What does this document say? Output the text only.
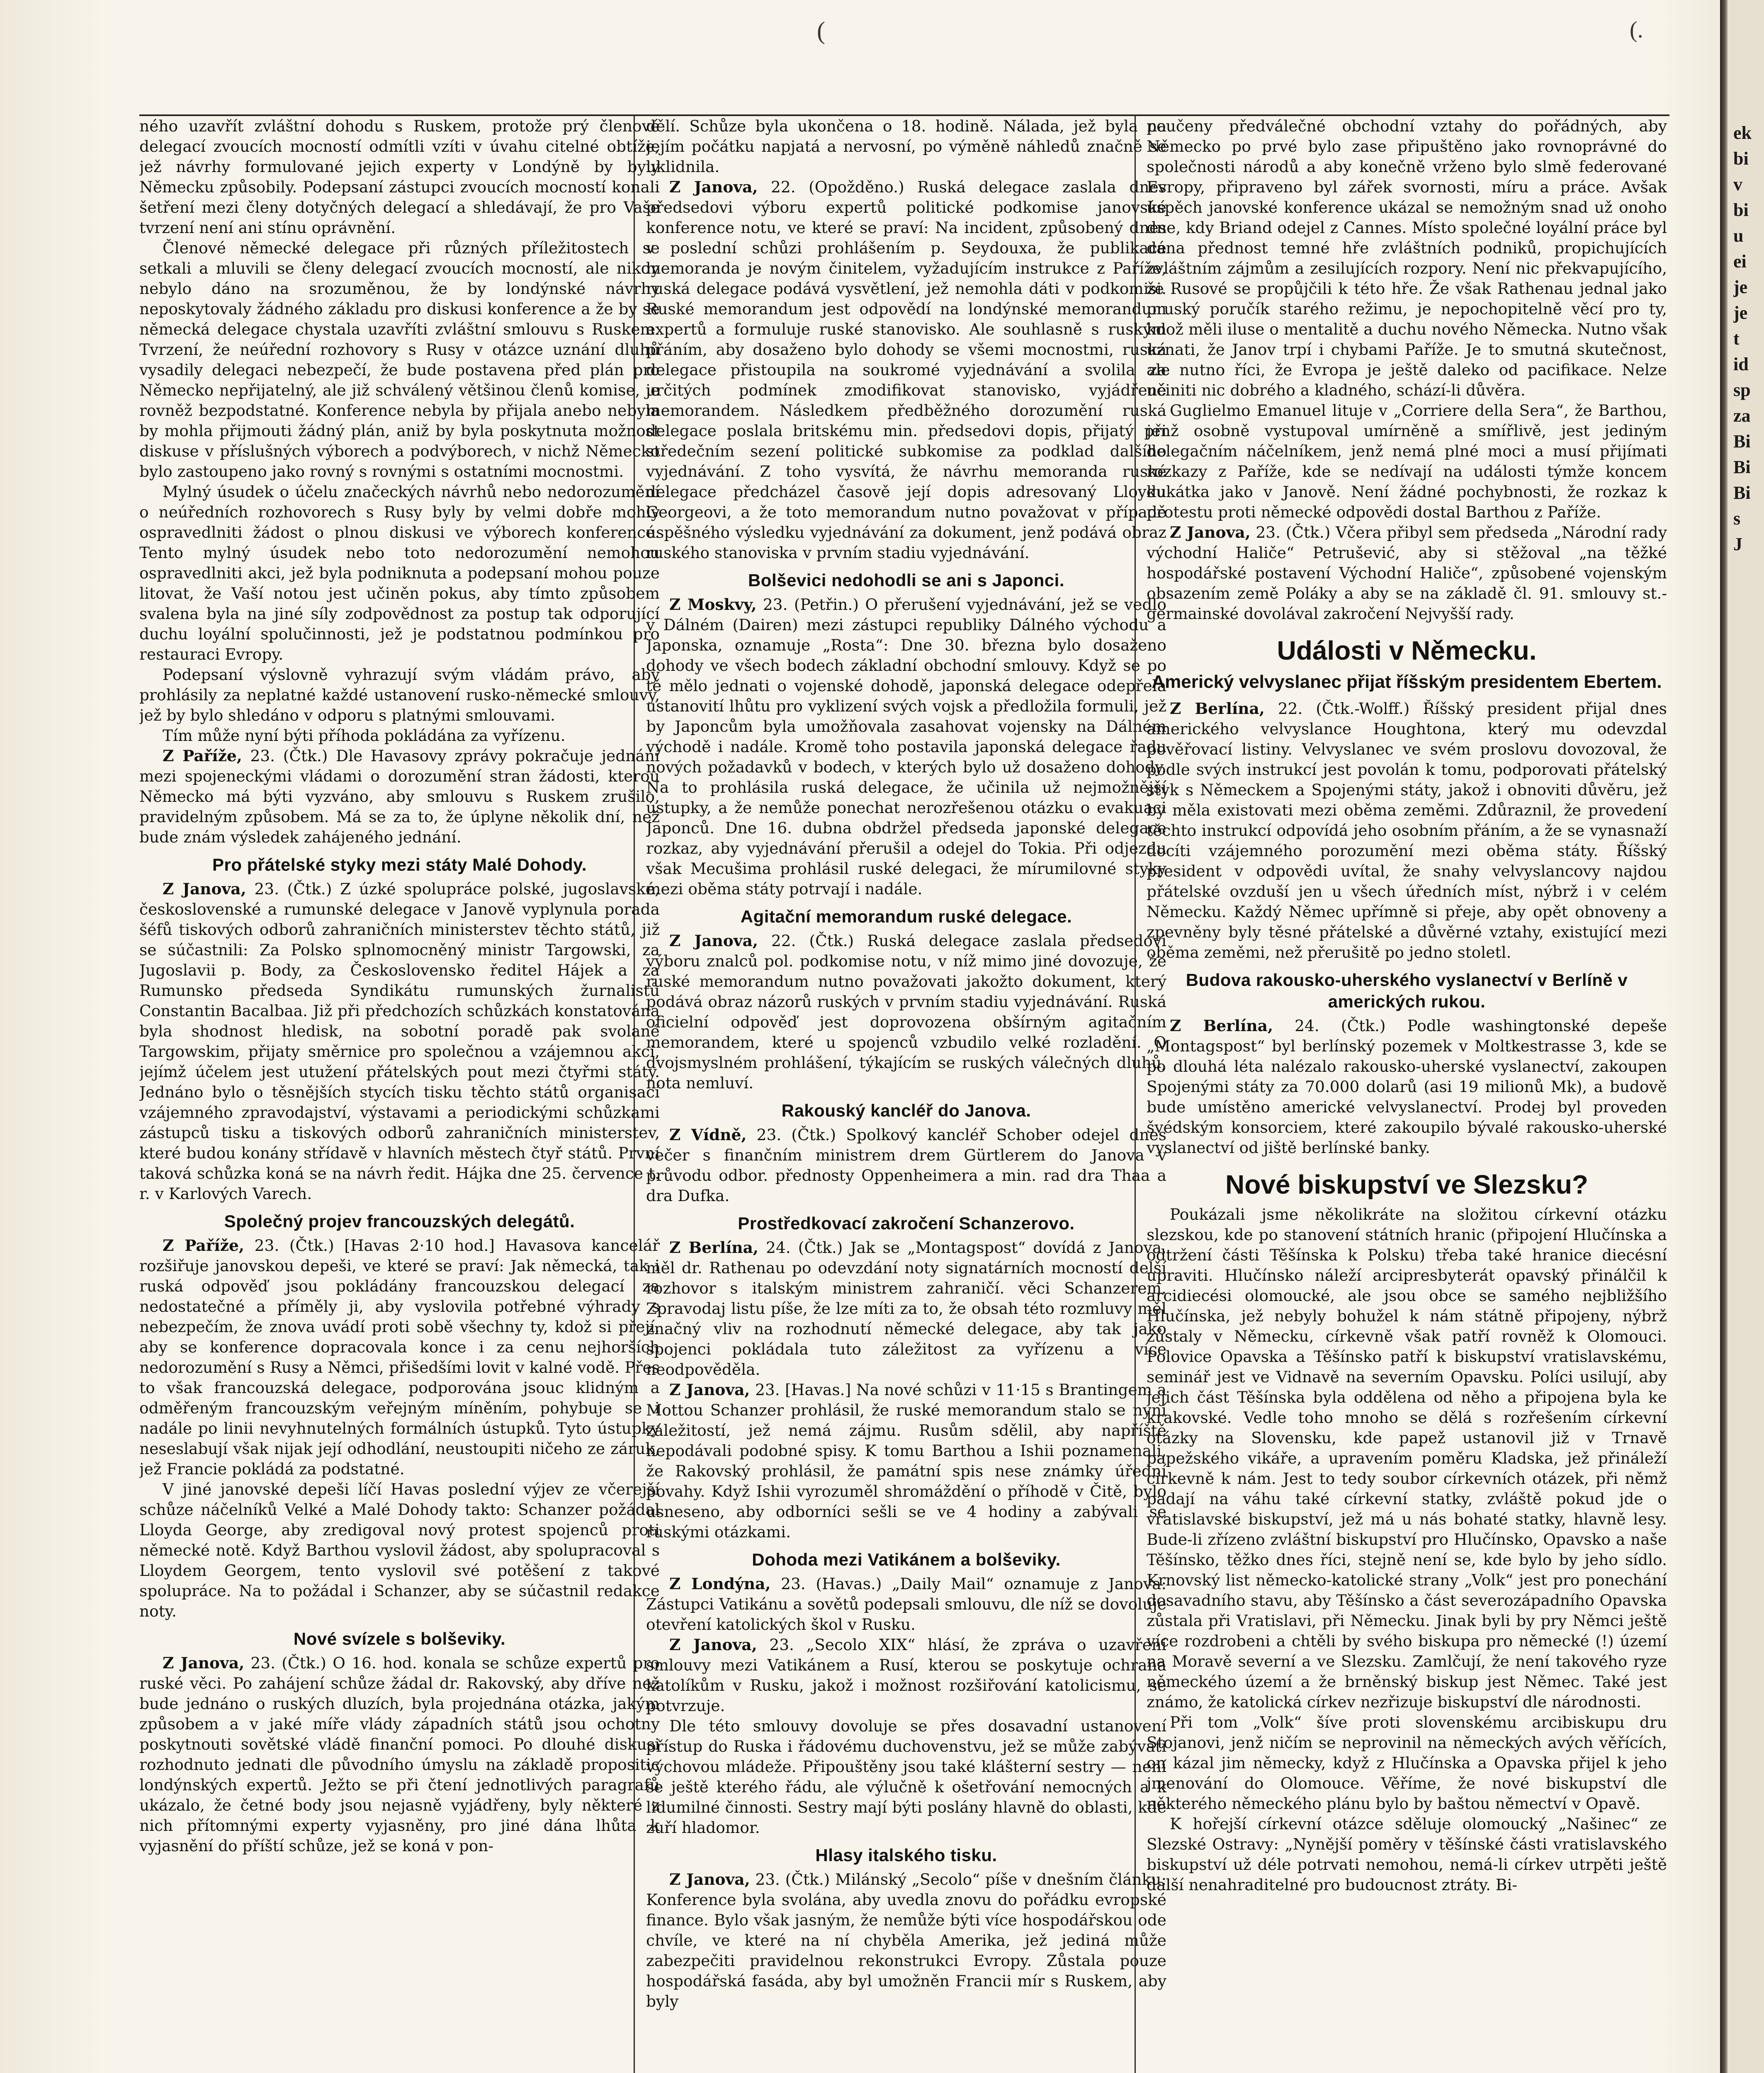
ek
bi
v
bi
u
ei
je
je
t
id
sp
za
Bi
Bi
Bi
s
J
(	(.

ného uzavřít zvláštní dohodu s Ruskem, protože prý členové delegací zvoucích mocností odmítli vzíti v úvahu citelné obtíže, jež návrhy formulované jejich experty v Londýně by byly Německu způsobily. Podepsaní zástupci zvoucích mocností konali šetření mezi členy dotyčných delegací a shledávají, že pro Vaše tvrzení není ani stínu oprávnění.

Členové německé delegace při různých příležitostech se setkali a mluvili se členy delegací zvoucích mocností, ale nikdy nebylo dáno na srozuměnou, že by londýnské návrhy neposkytovaly žádného základu pro diskusi konference a že by se německá delegace chystala uzavříti zvláštní smlouvu s Ruskem. Tvrzení, že neúřední rozhovory s Rusy v otázce uznání dluhů vysadily delegaci nebezpečí, že bude postavena před plán pro Německo nepřijatelný, ale již schválený většinou členů komise, je rovněž bezpodstatné. Konference nebyla by přijala anebo nebyla by mohla přijmouti žádný plán, aniž by byla poskytnuta možnost diskuse v příslušných výborech a podvýborech, v nichž Německo bylo zastoupeno jako rovný s rovnými s ostatními mocnostmi.

Mylný úsudek o účelu značeckých návrhů nebo nedorozumění o neúředních rozhovorech s Rusy byly by velmi dobře mohly ospravedlniti žádost o plnou diskusi ve výborech konference. Tento mylný úsudek nebo toto nedorozumění nemohou ospravedlniti akci, jež byla podniknuta a podepsaní mohou pouze litovat, že Vaší notou jest učiněn pokus, aby tímto způsobem svalena byla na jiné síly zodpovědnost za postup tak odporující duchu loyální spolučinnosti, jež je podstatnou podmínkou pro restauraci Evropy.

Podepsaní výslovně vyhrazují svým vládám právo, aby prohlásily za neplatné každé ustanovení rusko-německé smlouvy, jež by bylo shledáno v odporu s platnými smlouvami.

Tím může nyní býti příhoda pokládána za vyřízenu.

Z Paříže, 23. (Čtk.) Dle Havasovy zprávy pokračuje jednání mezi spojeneckými vládami o dorozumění stran žádosti, kterou Německo má býti vyzváno, aby smlouvu s Ruskem zrušilo, pravidelným způsobem. Má se za to, že úplyne několik dní, než bude znám výsledek zahájeného jednání.

Pro přátelské styky mezi státy Malé Dohody.

Z Janova, 23. (Čtk.) Z úzké spolupráce polské, jugoslavské, československé a rumunské delegace v Janově vyplynula porada šéfů tiskových odborů zahraničních ministerstev těchto států, již se súčastnili: Za Polsko splnomocněný ministr Targowski, za Jugoslavii p. Body, za Československo ředitel Hájek a za Rumunsko předseda Syndikátu rumunských žurnalistů Constantin Bacalbaa. Již při předchozích schůzkách konstatována byla shodnost hledisk, na sobotní poradě pak svolané Targowskim, přijaty směrnice pro společnou a vzájemnou akci, jejímž účelem jest utužení přátelských pout mezi čtyřmi státy. Jednáno bylo o těsnějších stycích tisku těchto států organisací vzájemného zpravodajství, výstavami a periodickými schůzkami zástupců tisku a tiskových odborů zahraničních ministerstev, které budou konány střídavě v hlavních městech čtyř států. První taková schůzka koná se na návrh ředit. Hájka dne 25. července t. r. v Karlových Varech.

Společný projev francouzských delegátů.

Z Paříže, 23. (Čtk.) [Havas 2·10 hod.] Havasova kancelář rozšiřuje janovskou depeši, ve které se praví: Jak německá, tak i ruská odpověď jsou pokládány francouzskou delegací za nedostatečné a příměly ji, aby vyslovila potřebné výhrady s nebezpečím, že znova uvádí proti sobě všechny ty, kdož si přejí, aby se konference dopracovala konce i za cenu nejhorších nedorozumění s Rusy a Němci, přišedšími lovit v kalné vodě. Přes to však francouzská delegace, podporována jsouc klidným a odměřeným francouzským veřejným míněním, pohybuje se i nadále po linii nevyhnutelných formálních ústupků. Tyto ústupky neseslabují však nijak její odhodlání, neustoupiti ničeho ze záruk, jež Francie pokládá za podstatné.

V jiné janovské depeši líčí Havas poslední výjev ze včerejší schůze náčelníků Velké a Malé Dohody takto: Schanzer požádal Lloyda George, aby zredigoval nový protest spojenců proti německé notě. Když Barthou vyslovil žádost, aby spolupracoval s Lloydem Georgem, tento vyslovil své potěšení z takové spolupráce. Na to požádal i Schanzer, aby se súčastnil redakce noty.

Nové svízele s bolševiky.

Z Janova, 23. (Čtk.) O 16. hod. konala se schůze expertů pro ruské věci. Po zahájení schůze žádal dr. Rakovský, aby dříve než bude jednáno o ruských dluzích, byla projednána otázka, jakým způsobem a v jaké míře vlády západních států jsou ochotny poskytnouti sovětské vládě finanční pomoci. Po dlouhé diskusi rozhodnuto jednati dle původního úmyslu na základě propositic londýnských expertů. Ježto se při čtení jednotlivých paragrafů ukázalo, že četné body jsou nejasně vyjádřeny, byly některé z nich přítomnými experty vyjasněny, pro jiné dána lhůta k vyjasnění do příští schůze, jež se koná v pon-

dělí. Schůze byla ukončena o 18. hodině. Nálada, jež byla na jejím počátku napjatá a nervosní, po výměně náhledů značně se uklidnila.

Z Janova, 22. (Opožděno.) Ruská delegace zaslala dnes předsedovi výboru expertů politické podkomise janovské konference notu, ve které se praví: Na incident, způsobený dnes v poslední schůzi prohlášením p. Seydouxa, že publikace memoranda je novým činitelem, vyžadujícím instrukce z Paříže, ruská delegace podává vysvětlení, jež nemohla dáti v podkomisi. Ruské memorandum jest odpovědí na londýnské memorandum expertů a formuluje ruské stanovisko. Ale souhlasně s ruským přáním, aby dosaženo bylo dohody se všemi mocnostmi, ruská delegace přistoupila na soukromé vyjednávání a svolila za určitých podmínek zmodifikovat stanovisko, vyjádřené memorandem. Následkem předběžného dorozumění ruská delegace poslala britskému min. předsedovi dopis, přijatý při středečním sezení politické subkomise za podklad dalšího vyjednávání. Z toho vysvítá, že návrhu memoranda ruské delegace předcházel časově její dopis adresovaný Lloydu Georgeovi, a že toto memorandum nutno považovat v případě úspěšného výsledku vyjednávání za dokument, jenž podává obraz ruského stanoviska v prvním stadiu vyjednávání.

Bolševici nedohodli se ani s Japonci.

Z Moskvy, 23. (Petřin.) O přerušení vyjednávání, jež se vedlo v Dálném (Dairen) mezi zástupci republiky Dálného východu a Japonska, oznamuje „Rosta“: Dne 30. března bylo dosaženo dohody ve všech bodech základní obchodní smlouvy. Když se po tě mělo jednati o vojenské dohodě, japonská delegace odepřela ustanovití lhůtu pro vyklizení svých vojsk a předložila formuli, jež by Japoncům byla umožňovala zasahovat vojensky na Dálném východě i nadále. Kromě toho postavila japonská delegace řadu nových požadavků v bodech, v kterých bylo už dosaženo dohody. Na to prohlásila ruská delegace, že učinila už nejmožnější ústupky, a že nemůže ponechat nerozřešenou otázku o evakuaci Japonců. Dne 16. dubna obdržel předseda japonské delegace rozkaz, aby vyjednávání přerušil a odejel do Tokia. Při odjezdu však Mecušima prohlásil ruské delegaci, že mírumilovné styky mezi oběma státy potrvají i nadále.

Agitační memorandum ruské delegace.

Z Janova, 22. (Čtk.) Ruská delegace zaslala předsedovi výboru znalců pol. podkomise notu, v níž mimo jiné dovozuje, že ruské memorandum nutno považovati jakožto dokument, který podává obraz názorů ruských v prvním stadiu vyjednávání. Ruská oficielní odpověď jest doprovozena obšírným agitačním memorandem, které u spojenců vzbudilo velké rozladění. O dvojsmyslném prohlášení, týkajícím se ruských válečných dluhů, nota nemluví.

Rakouský kancléř do Janova.

Z Vídně, 23. (Čtk.) Spolkový kancléř Schober odejel dnes večer s finančním ministrem drem Gürtlerem do Janova v průvodu odbor. přednosty Oppenheimera a min. rad dra Thaa a dra Dufka.

Prostředkovací zakročení Schanzerovo.

Z Berlína, 24. (Čtk.) Jak se „Montagspost“ dovídá z Janova, měl dr. Rathenau po odevzdání noty signatárních mocností delší rozhovor s italským ministrem zahraničí. věci Schanzerem. Zpravodaj listu píše, že lze míti za to, že obsah této rozmluvy měl značný vliv na rozhodnutí německé delegace, aby tak jako spojenci pokládala tuto záležitost za vyřízenu a více neodpověděla.

Z Janova, 23. [Havas.] Na nové schůzi v 11·15 s Brantingem a Mottou Schanzer prohlásil, že ruské memorandum stalo se nyní záležitostí, jež nemá zájmu. Rusům sdělil, aby napříště nepodávali podobné spisy. K tomu Barthou a Ishii poznamenali, že Rakovský prohlásil, že památní spis nese známky úřední povahy. Když Ishii vyrozuměl shromáždění o příhodě v Čitě, bylo usneseno, aby odborníci sešli se ve 4 hodiny a zabývali se ruskými otázkami.

Dohoda mezi Vatikánem a bolševiky.

Z Londýna, 23. (Havas.) „Daily Mail“ oznamuje z Janova: Zástupci Vatikánu a sovětů podepsali smlouvu, dle níž se dovoluje otevření katolických škol v Rusku.

Z Janova, 23. „Secolo XIX“ hlásí, že zpráva o uzavření smlouvy mezi Vatikánem a Rusí, kterou se poskytuje ochrana katolíkům v Rusku, jakož i možnost rozšiřování katolicismu, se potvrzuje.

Dle této smlouvy dovoluje se přes dosavadní ustanovení přístup do Ruska i řádovému duchovenstvu, jež se může zabývati výchovou mládeže. Připouštěny jsou také klášterní sestry — není se ještě kterého řádu, ale výlučně k ošetřování nemocných a k lidumilné činnosti. Sestry mají býti poslány hlavně do oblasti, kde zuří hladomor.

Hlasy italského tisku.

Z Janova, 23. (Čtk.) Milánský „Secolo“ píše v dnešním článku: Konference byla svolána, aby uvedla znovu do pořádku evropské finance. Bylo však jasným, že nemůže býti více hospodářskou ode chvíle, ve které na ní chyběla Amerika, jež jediná může zabezpečiti pravidelnou rekonstrukci Evropy. Zůstala pouze hospodářská fasáda, aby byl umožněn Francii mír s Ruskem, aby byly

poučeny předválečné obchodní vztahy do pořádných, aby Německo po prvé bylo zase připuštěno jako rovnoprávné do společnosti národů a aby konečně vrženo bylo slmě federované Evropy, připraveno byl zářek svornosti, míru a práce. Avšak úspěch janovské konference ukázal se nemožným snad už onoho dne, kdy Briand odejel z Cannes. Místo společné loyální práce byl dána přednost temné hře zvláštních podniků, propichujících zvláštním zájmům a zesilujících rozpory. Není nic překvapujícího, že Rusové se propůjčili k této hře. Že však Rathenau jednal jako pruský poručík starého režimu, je nepochopitelně věcí pro ty, kdož měli iluse o mentalitě a duchu nového Německa. Nutno však uznati, že Janov trpí i chybami Paříže. Je to smutná skutečnost, ale nutno říci, že Evropa je ještě daleko od pacifikace. Nelze učiniti nic dobrého a kladného, schází-li důvěra.

Guglielmo Emanuel lituje v „Corriere della Sera“, že Barthou, jenž osobně vystupoval umírněně a smířlivě, jest jediným delegačním náčelníkem, jenž nemá plné moci a musí přijímati rozkazy z Paříže, kde se nedívají na události týmže koncem kukátka jako v Janově. Není žádné pochybnosti, že rozkaz k protestu proti německé odpovědi dostal Barthou z Paříže.

Z Janova, 23. (Čtk.) Včera přibyl sem předseda „Národní rady východní Haliče“ Petrušević, aby si stěžoval „na těžké hospodářské postavení Východní Haliče“, způsobené vojenským obsazením země Poláky a aby se na základě čl. 91. smlouvy st.-germainské dovolával zakročení Nejvyšší rady.

Události v Německu.
Americký velvyslanec přijat říšským presidentem Ebertem.

Z Berlína, 22. (Čtk.-Wolff.) Říšský president přijal dnes amerického velvyslance Houghtona, který mu odevzdal pověřovací listiny. Velvyslanec ve svém proslovu dovozoval, že podle svých instrukcí jest povolán k tomu, podporovati přátelský styk s Německem a Spojenými státy, jakož i obnoviti důvěru, jež by měla existovati mezi oběma zeměmi. Zdůraznil, že provedení těchto instrukcí odpovídá jeho osobním přáním, a že se vynasnaží docíti vzájemného porozumění mezi oběma státy. Říšský president v odpovědi uvítal, že snahy velvyslancovy najdou přátelské ovzduší jen u všech úředních míst, nýbrž i v celém Německu. Každý Němec upřímně si přeje, aby opět obnoveny a zpevněny byly těsné přátelské a důvěrné vztahy, existující mezi oběma zeměmi, než přerušitě po jedno stoletl.

Budova rakousko-uherského vyslanectví v Berlíně v amerických rukou.

Z Berlína, 24. (Čtk.) Podle washingtonské depeše „Montagspost“ byl berlínský pozemek v Moltkestrasse 3, kde se po dlouhá léta nalézalo rakousko-uherské vyslanectví, zakoupen Spojenými státy za 70.000 dolarů (asi 19 milionů Mk), a budově bude umístěno americké velvyslanectví. Prodej byl proveden švédským konsorciem, které zakoupilo bývalé rakousko-uherské vyslanectví od jiště berlínské banky.

Nové biskupství ve Slezsku?

Poukázali jsme několikráte na složitou církevní otázku slezskou, kde po stanovení státních hranic (připojení Hlučínska a odtržení části Těšínska k Polsku) třeba také hranice diecésní upraviti. Hlučínsko náleží arcipresbyterát opavský přinálčil k arcidiecési olomoucké, ale jsou obce se samého nejbližšího Hlučínska, jež nebyly bohužel k nám státně připojeny, nýbrž zůstaly v Německu, církevně však patří rovněž k Olomouci. Polovice Opavska a Těšínsko patří k biskupství vratislavskému, seminář jest ve Vidnavě na severním Opavsku. Políci usilují, aby jejich část Těšínska byla oddělena od něho a připojena byla ke krakovské. Vedle toho mnoho se dělá s rozřešením církevní otázky na Slovensku, kde papež ustanovil již v Trnavě papežského vikáře, a upravením poměru Kladska, jež přináleží církevně k nám. Jest to tedy soubor církevních otázek, při němž padají na váhu také církevní statky, zvláště pokud jde o vratislavské biskupství, jež má u nás bohaté statky, hlavně lesy. Bude-li zřízeno zvláštní biskupství pro Hlučínsko, Opavsko a naše Těšínsko, těžko dnes říci, stejně není se, kde bylo by jeho sídlo. Krnovský list německo-katolické strany „Volk“ jest pro ponechání dosavadního stavu, aby Těšínsko a část severozápadního Opavska zůstala při Vratislavi, při Německu. Jinak byli by pry Němci ještě více rozdrobeni a chtěli by svého biskupa pro německé (!) území na Moravě severní a ve Slezsku. Zamlčují, že není takového ryze německého území a že brněnský biskup jest Němec. Také jest známo, že katolická církev nezřizuje biskupství dle národnosti.

Při tom „Volk“ šíve proti slovenskému arcibiskupu dru Stojanovi, jenž ničím se neprovinil na německých avých věřících, on kázal jim německy, když z Hlučínska a Opavska přijel k jeho jmenování do Olomouce. Věříme, že nové biskupství dle některého německého plánu bylo by baštou němectví v Opavě.

K hořejší církevní otázce sděluje olomoucký „Našinec“ ze Slezské Ostravy: „Nynější poměry v těšínské části vratislavského biskupství už déle potrvati nemohou, nemá-li církev utrpěti ještě další nenahraditelné pro budoucnost ztráty. Bi-
